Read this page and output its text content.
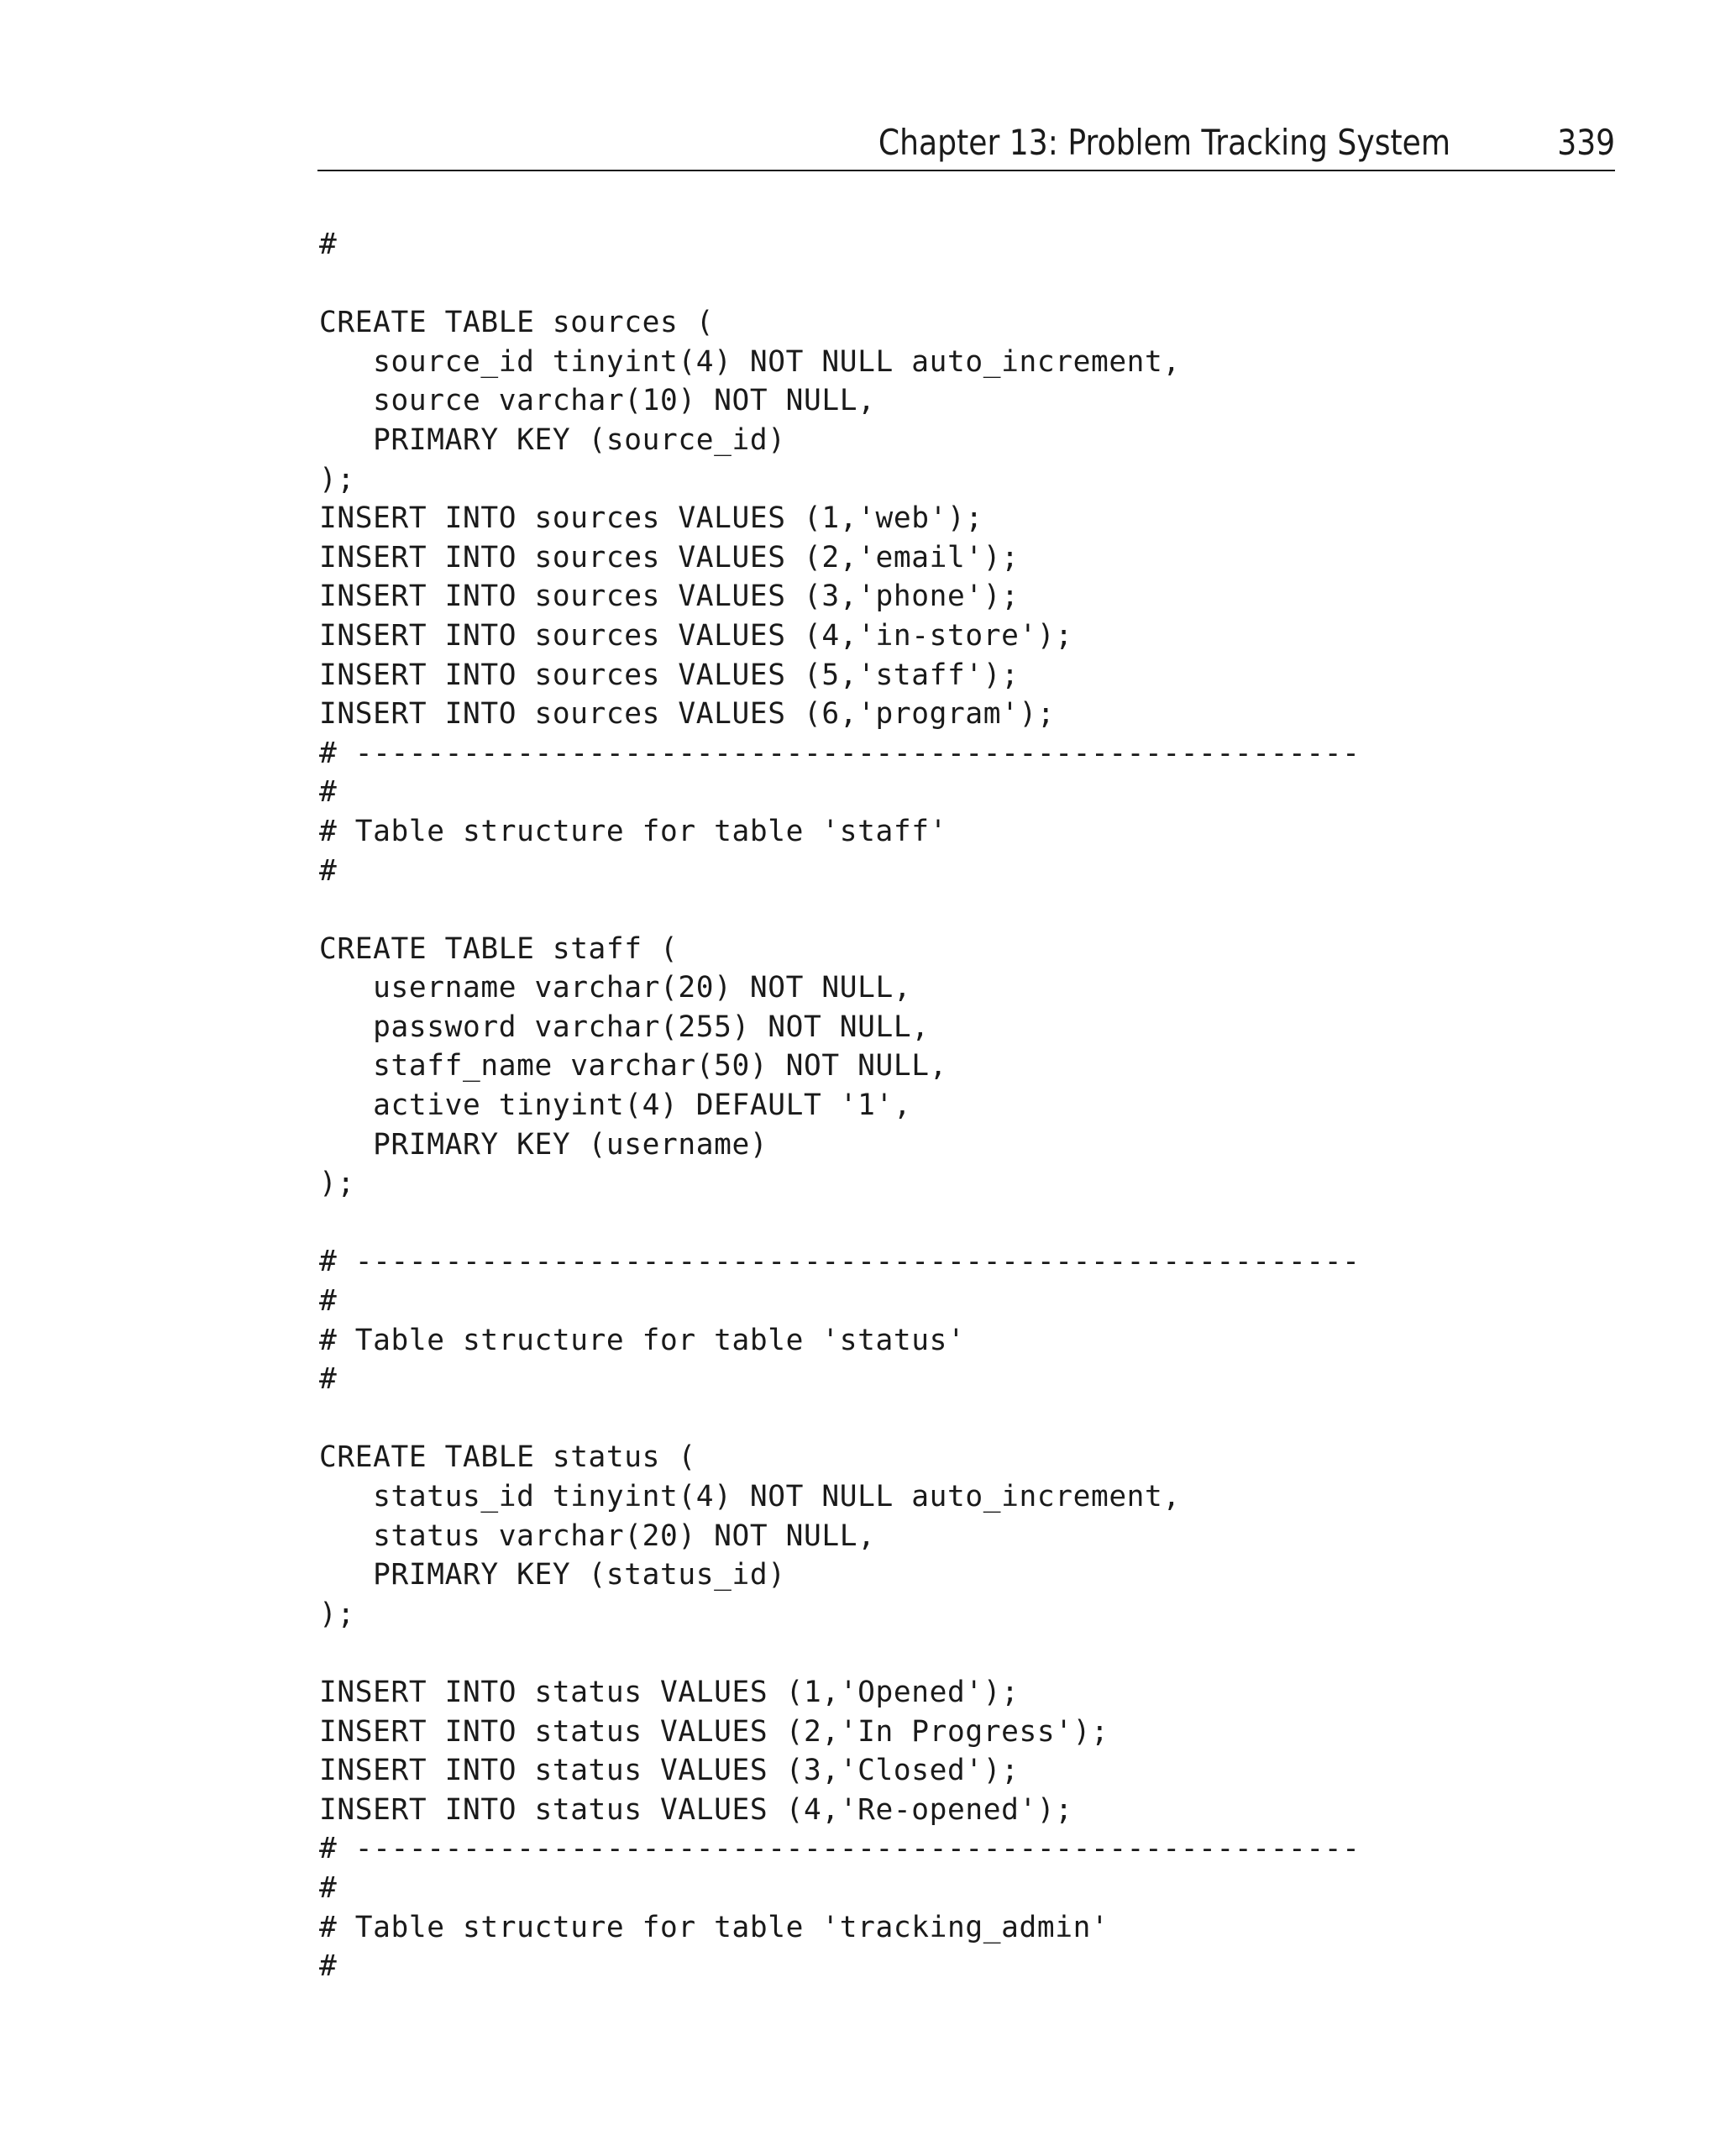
Chapter 13: Problem Tracking System	339
#
CREATE TABLE sources (
source_id tinyint(4) NOT NULL auto_increment,
source varchar(10) NOT NULL,
PRIMARY KEY (source_id)
);
INSERT INTO sources VALUES (1,'web');
INSERT INTO sources VALUES (2,'email');
INSERT INTO sources VALUES (3,'phone');
INSERT INTO sources VALUES (4,'in-store');
INSERT INTO sources VALUES (5,'staff');
INSERT INTO sources VALUES (6,'program');
# --------------------------------------------------------
#
# Table structure for table 'staff'
#
CREATE TABLE staff (
username varchar(20) NOT NULL,
password varchar(255) NOT NULL,
staff_name varchar(50) NOT NULL,
active tinyint(4) DEFAULT '1',
PRIMARY KEY (username)
);
# --------------------------------------------------------
#
# Table structure for table 'status'
#
CREATE TABLE status (
status_id tinyint(4) NOT NULL auto_increment,
status varchar(20) NOT NULL,
PRIMARY KEY (status_id)
);
INSERT INTO status VALUES (1,'Opened');
INSERT INTO status VALUES (2,'In Progress');
INSERT INTO status VALUES (3,'Closed');
INSERT INTO status VALUES (4,'Re-opened');
# --------------------------------------------------------
#
# Table structure for table 'tracking_admin'
#
